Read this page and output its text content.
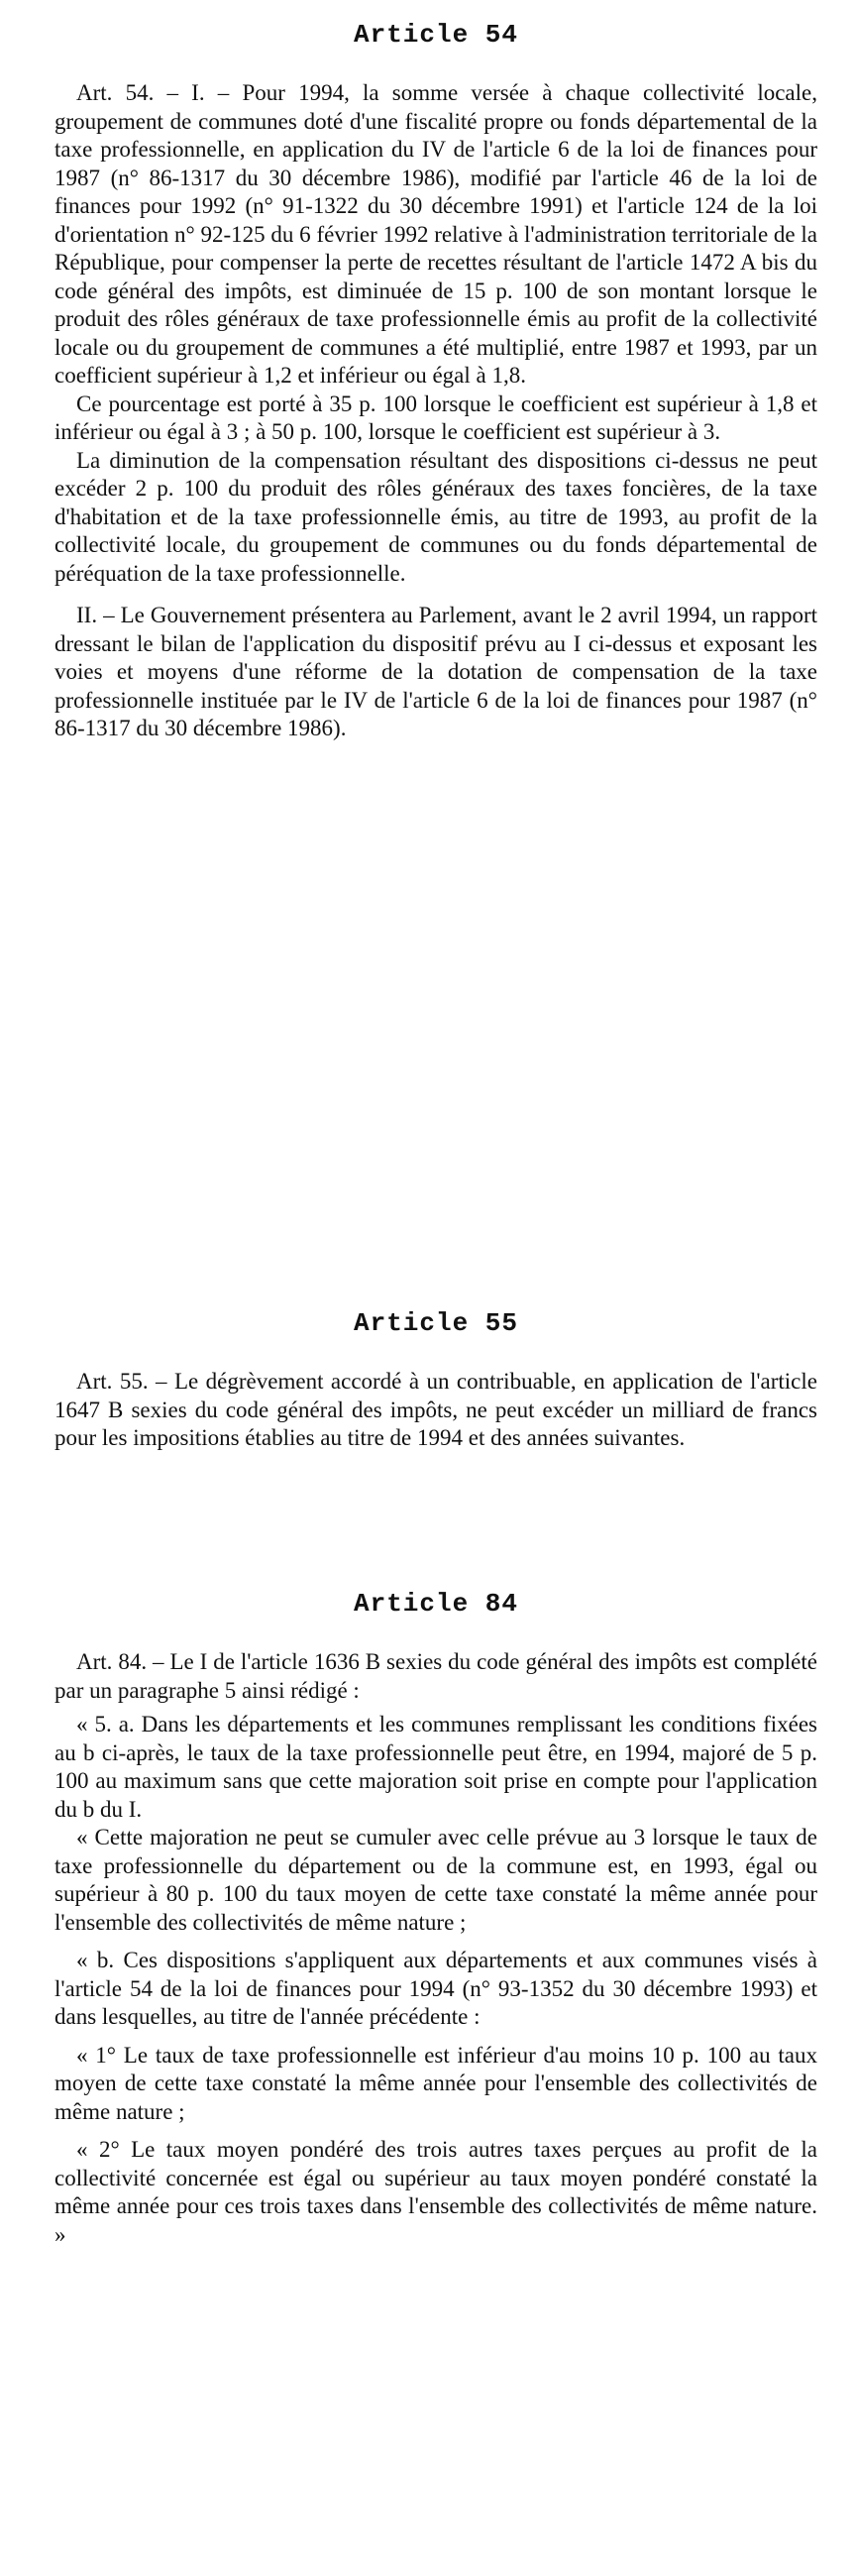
Article 54

Art. 54. – I. – Pour 1994, la somme versée à chaque collectivité locale, groupement de communes doté d'une fiscalité propre ou fonds départemental de la taxe professionnelle, en application du IV de l'article 6 de la loi de finances pour 1987 (n° 86-1317 du 30 décembre 1986), modifié par l'article 46 de la loi de finances pour 1992 (n° 91-1322 du 30 décembre 1991) et l'article 124 de la loi d'orientation n° 92-125 du 6 février 1992 relative à l'administration territoriale de la République, pour compenser la perte de recettes résultant de l'article 1472 A bis du code général des impôts, est diminuée de 15 p. 100 de son montant lorsque le produit des rôles généraux de taxe professionnelle émis au profit de la collectivité locale ou du groupement de communes a été multiplié, entre 1987 et 1993, par un coefficient supérieur à 1,2 et inférieur ou égal à 1,8.

Ce pourcentage est porté à 35 p. 100 lorsque le coefficient est supérieur à 1,8 et inférieur ou égal à 3 ; à 50 p. 100, lorsque le coefficient est supérieur à 3.

La diminution de la compensation résultant des dispositions ci-dessus ne peut excéder 2 p. 100 du produit des rôles généraux des taxes foncières, de la taxe d'habitation et de la taxe professionnelle émis, au titre de 1993, au profit de la collectivité locale, du groupement de communes ou du fonds départemental de péréquation de la taxe professionnelle.

II. – Le Gouvernement présentera au Parlement, avant le 2 avril 1994, un rapport dressant le bilan de l'application du dispositif prévu au I ci-dessus et exposant les voies et moyens d'une réforme de la dotation de compensation de la taxe professionnelle instituée par le IV de l'article 6 de la loi de finances pour 1987 (n° 86-1317 du 30 décembre 1986).

Article 55

Art. 55. – Le dégrèvement accordé à un contribuable, en application de l'article 1647 B sexies du code général des impôts, ne peut excéder un milliard de francs pour les impositions établies au titre de 1994 et des années suivantes.

Article 84

Art. 84. – Le I de l'article 1636 B sexies du code général des impôts est complété par un paragraphe 5 ainsi rédigé :

« 5. a. Dans les départements et les communes remplissant les conditions fixées au b ci-après, le taux de la taxe professionnelle peut être, en 1994, majoré de 5 p. 100 au maximum sans que cette majoration soit prise en compte pour l'application du b du I.

« Cette majoration ne peut se cumuler avec celle prévue au 3 lorsque le taux de taxe professionnelle du département ou de la commune est, en 1993, égal ou supérieur à 80 p. 100 du taux moyen de cette taxe constaté la même année pour l'ensemble des collectivités de même nature ;

« b. Ces dispositions s'appliquent aux départements et aux communes visés à l'article 54 de la loi de finances pour 1994 (n° 93-1352 du 30 décembre 1993) et dans lesquelles, au titre de l'année précédente :

« 1° Le taux de taxe professionnelle est inférieur d'au moins 10 p. 100 au taux moyen de cette taxe constaté la même année pour l'ensemble des collectivités de même nature ;

« 2° Le taux moyen pondéré des trois autres taxes perçues au profit de la collectivité concernée est égal ou supérieur au taux moyen pondéré constaté la même année pour ces trois taxes dans l'ensemble des collectivités de même nature. »
